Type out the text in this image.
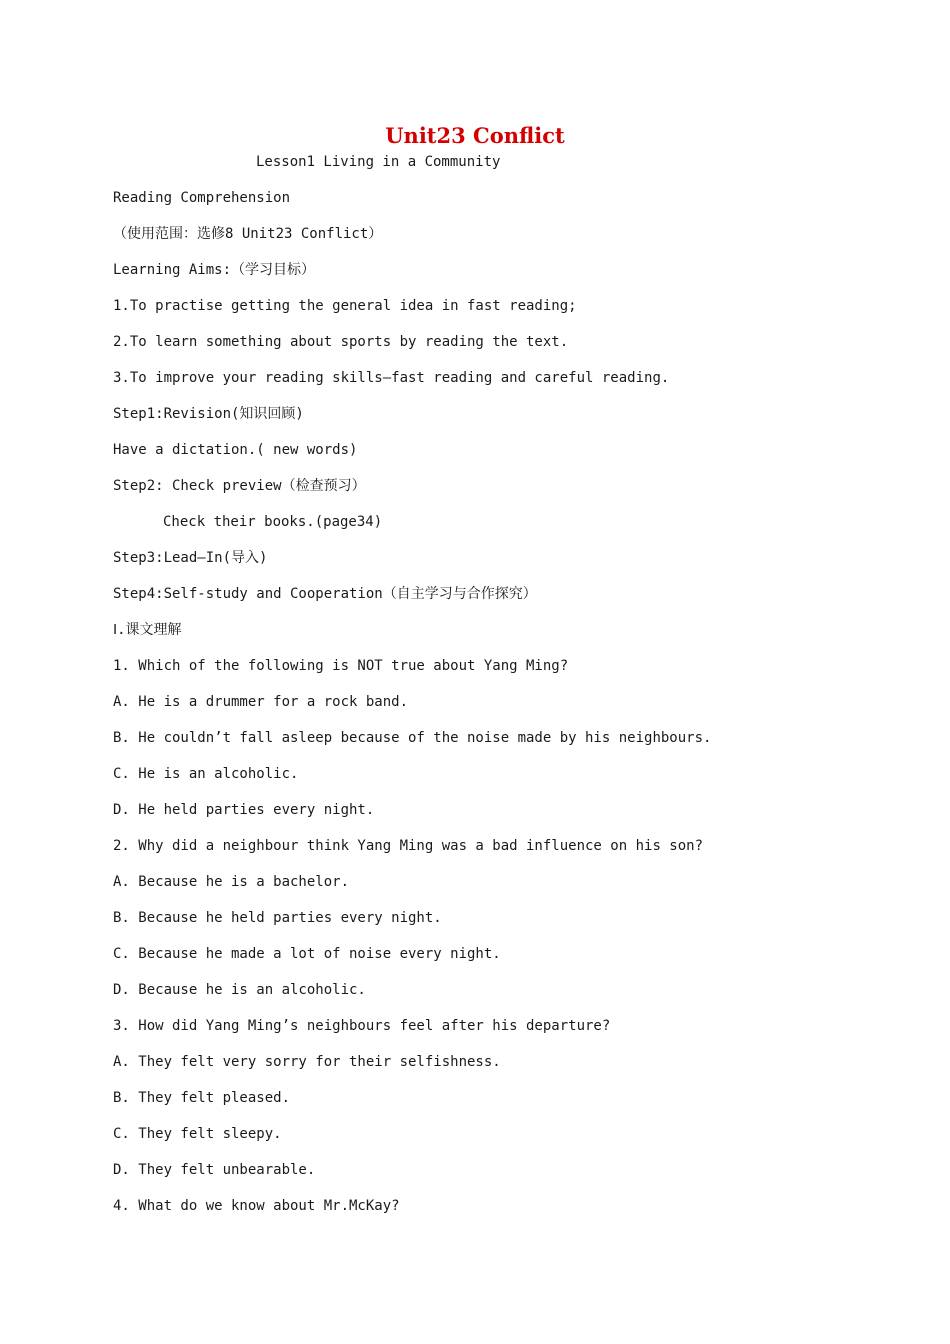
Unit23 Conflict
Lesson1 Living in a Community
Reading Comprehension
（使用范围：选修8 Unit23 Conflict）
Learning Aims:（学习目标）
1.To practise getting the general idea in fast reading;
2.To learn something about sports by reading the text.
3.To improve your reading skills—fast reading and careful reading.
Step1:Revision(知识回顾)
Have a dictation.( new words)
Step2: Check preview（检查预习）
Check their books.(page34)
Step3:Lead—In(导入)
Step4:Self-study and Cooperation（自主学习与合作探究）
Ⅰ.课文理解
1. Which of the following is NOT true about Yang Ming?
A. He is a drummer for a rock band.
B. He couldn’t fall asleep because of the noise made by his neighbours.
C. He is an alcoholic.
D. He held parties every night.
2. Why did a neighbour think Yang Ming was a bad influence on his son?
A. Because he is a bachelor.
B. Because he held parties every night.
C. Because he made a lot of noise every night.
D. Because he is an alcoholic.
3. How did Yang Ming’s neighbours feel after his departure?
A. They felt very sorry for their selfishness.
B. They felt pleased.
C. They felt sleepy.
D. They felt unbearable.
4. What do we know about Mr.McKay?
